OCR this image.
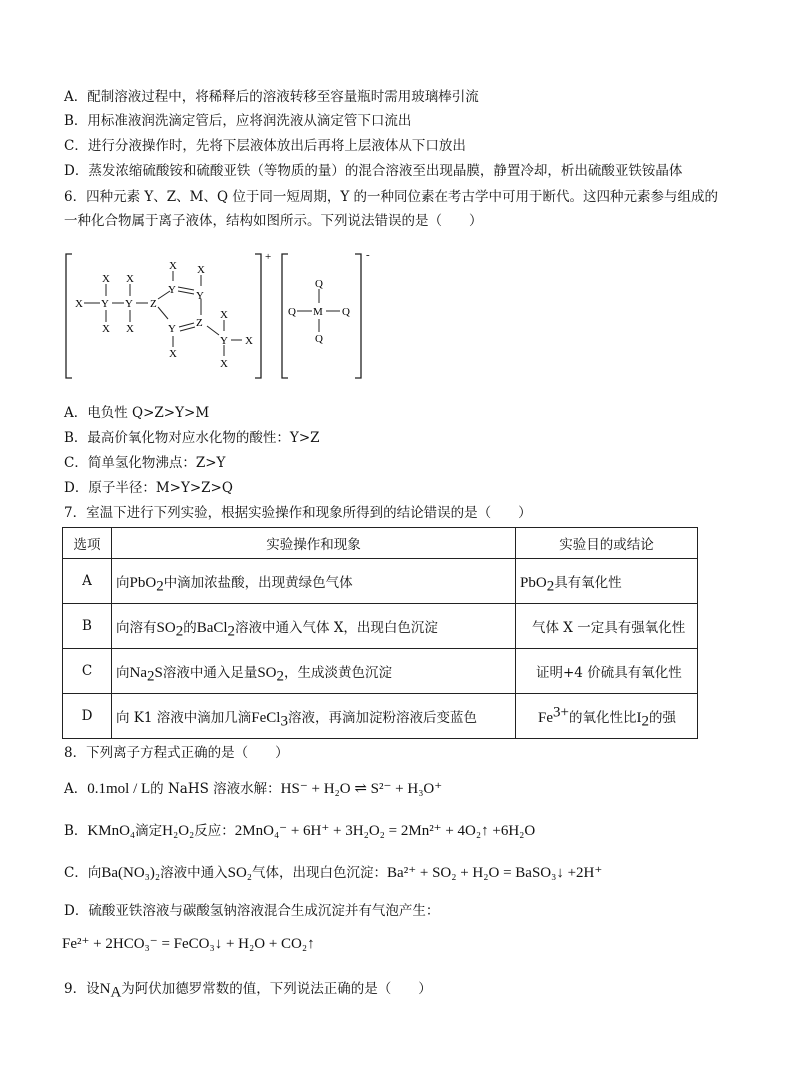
A．配制溶液过程中，将稀释后的溶液转移至容量瓶时需用玻璃棒引流
B．用标准液润洗滴定管后，应将润洗液从滴定管下口流出
C．进行分液操作时，先将下层液体放出后再将上层液体从下口放出
D．蒸发浓缩硫酸铵和硫酸亚铁（等物质的量）的混合溶液至出现晶膜，静置冷却，析出硫酸亚铁铵晶体
6．四种元素 Y、Z、M、Q 位于同一短周期，Y 的一种同位素在考古学中可用于断代。这四种元素参与组成的
一种化合物属于离子液体，结构如图所示。下列说法错误的是（　　）
+	-
X Y Y Z
X X
X X
Y Y
Y Z
X X
X
Y
X
X
X
Q
M
Q
Q	Q
A．电负性 Q>Z>Y>M
B．最高价氧化物对应水化物的酸性：Y>Z
C．简单氢化物沸点：Z>Y
D．原子半径：M>Y>Z>Q
7．室温下进行下列实验，根据实验操作和现象所得到的结论错误的是（　　）
选项	实验操作和现象	实验目的或结论
A	向PbO$_2$中滴加浓盐酸，出现黄绿色气体	PbO$_2$具有氧化性
B	向溶有$SO_2$的BaCl$_2$溶液中通入气体 X，出现白色沉淀	气体 X 一定具有强氧化性
C	向$Na_2S$溶液中通入足量$SO_2$，生成淡黄色沉淀	证明+4 价硫具有氧化性
D	向 K1 溶液中滴加几滴FeCl$_3$溶液，再滴加淀粉溶液后变蓝色	$Fe^{3+}$的氧化性比$I_2$的强
8．下列离子方程式正确的是（　　）
A．0.1mol / L的 NaHS 溶液水解：HS⁻ + H₂O ⇌ S²⁻ + H₃O⁺
B．KMnO₄滴定H₂O₂反应：2MnO₄⁻ + 6H⁺ + 3H₂O₂ = 2Mn²⁺ + 4O₂↑ +6H₂O
C．向Ba(NO₃)₂溶液中通入SO₂气体，出现白色沉淀：Ba²⁺ + SO₂ + H₂O = BaSO₃↓ +2H⁺
D．硫酸亚铁溶液与碳酸氢钠溶液混合生成沉淀并有气泡产生：
Fe²⁺ + 2HCO₃⁻ = FeCO₃↓ + H₂O + CO₂↑
9．设$N_A$为阿伏加德罗常数的值，下列说法正确的是（　　）
